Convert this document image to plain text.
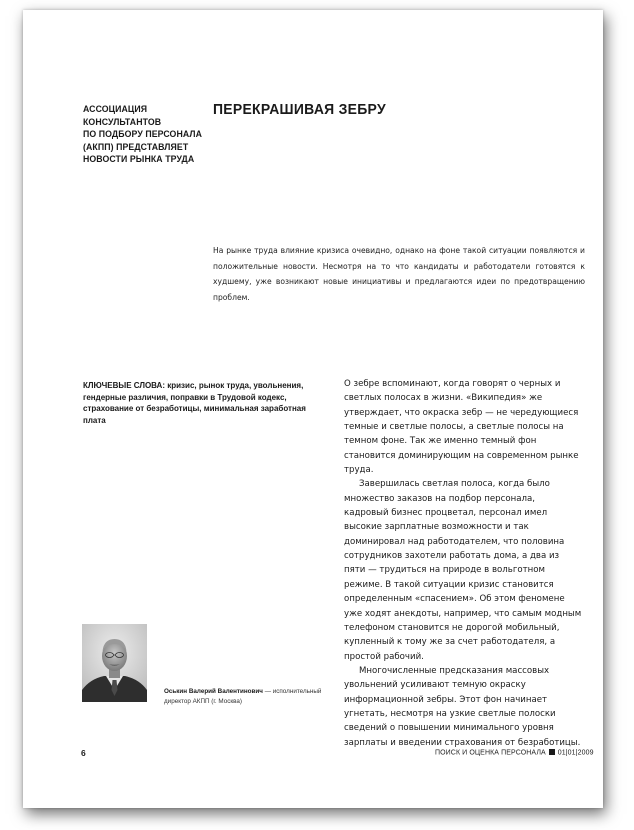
АССОЦИАЦИЯ
КОНСУЛЬТАНТОВ
ПО ПОДБОРУ ПЕРСОНАЛА
(АКПП) ПРЕДСТАВЛЯЕТ
НОВОСТИ РЫНКА ТРУДА
ПЕРЕКРАШИВАЯ ЗЕБРУ
На рынке труда влияние кризиса очевидно, однако на фоне такой ситуации появляются и положительные новости. Несмотря на то что кандидаты и работодатели готовятся к худшему, уже возникают новые инициативы и предлагаются идеи по предотвращению проблем.
КЛЮЧЕВЫЕ СЛОВА: кризис, рынок труда, увольнения, гендерные различия, поправки в Трудовой кодекс, страхование от безработицы, минимальная заработная плата

О зебре вспоминают, когда говорят о черных и светлых полосах в жизни. «Википедия» же утверждает, что окраска зебр — не чередующиеся темные и светлые полосы, а светлые полосы на темном фоне. Так же именно темный фон становится доминирующим на современном рынке труда.

Завершилась светлая полоса, когда было множество заказов на подбор персонала, кадровый бизнес процветал, персонал имел высокие зарплатные возможности и так доминировал над работодателем, что половина сотрудников захотели работать дома, а два из пяти — трудиться на природе в вольготном режиме. В такой ситуации кризис становится определенным «спасением». Об этом феномене уже ходят анекдоты, например, что самым модным телефоном становится не дорогой мобильный, купленный к тому же за счет работодателя, а простой рабочий.

Многочисленные предсказания массовых увольнений усиливают темную окраску информационной зебры. Этот фон начинает угнетать, несмотря на узкие светлые полоски сведений о повышении минимального уровня зарплаты и введении страхования от безработицы.

Оськин Валерий Валентинович — исполнительный директор АКПП (г. Москва)
6	ПОИСК И ОЦЕНКА ПЕРСОНАЛА 01|01|2009
